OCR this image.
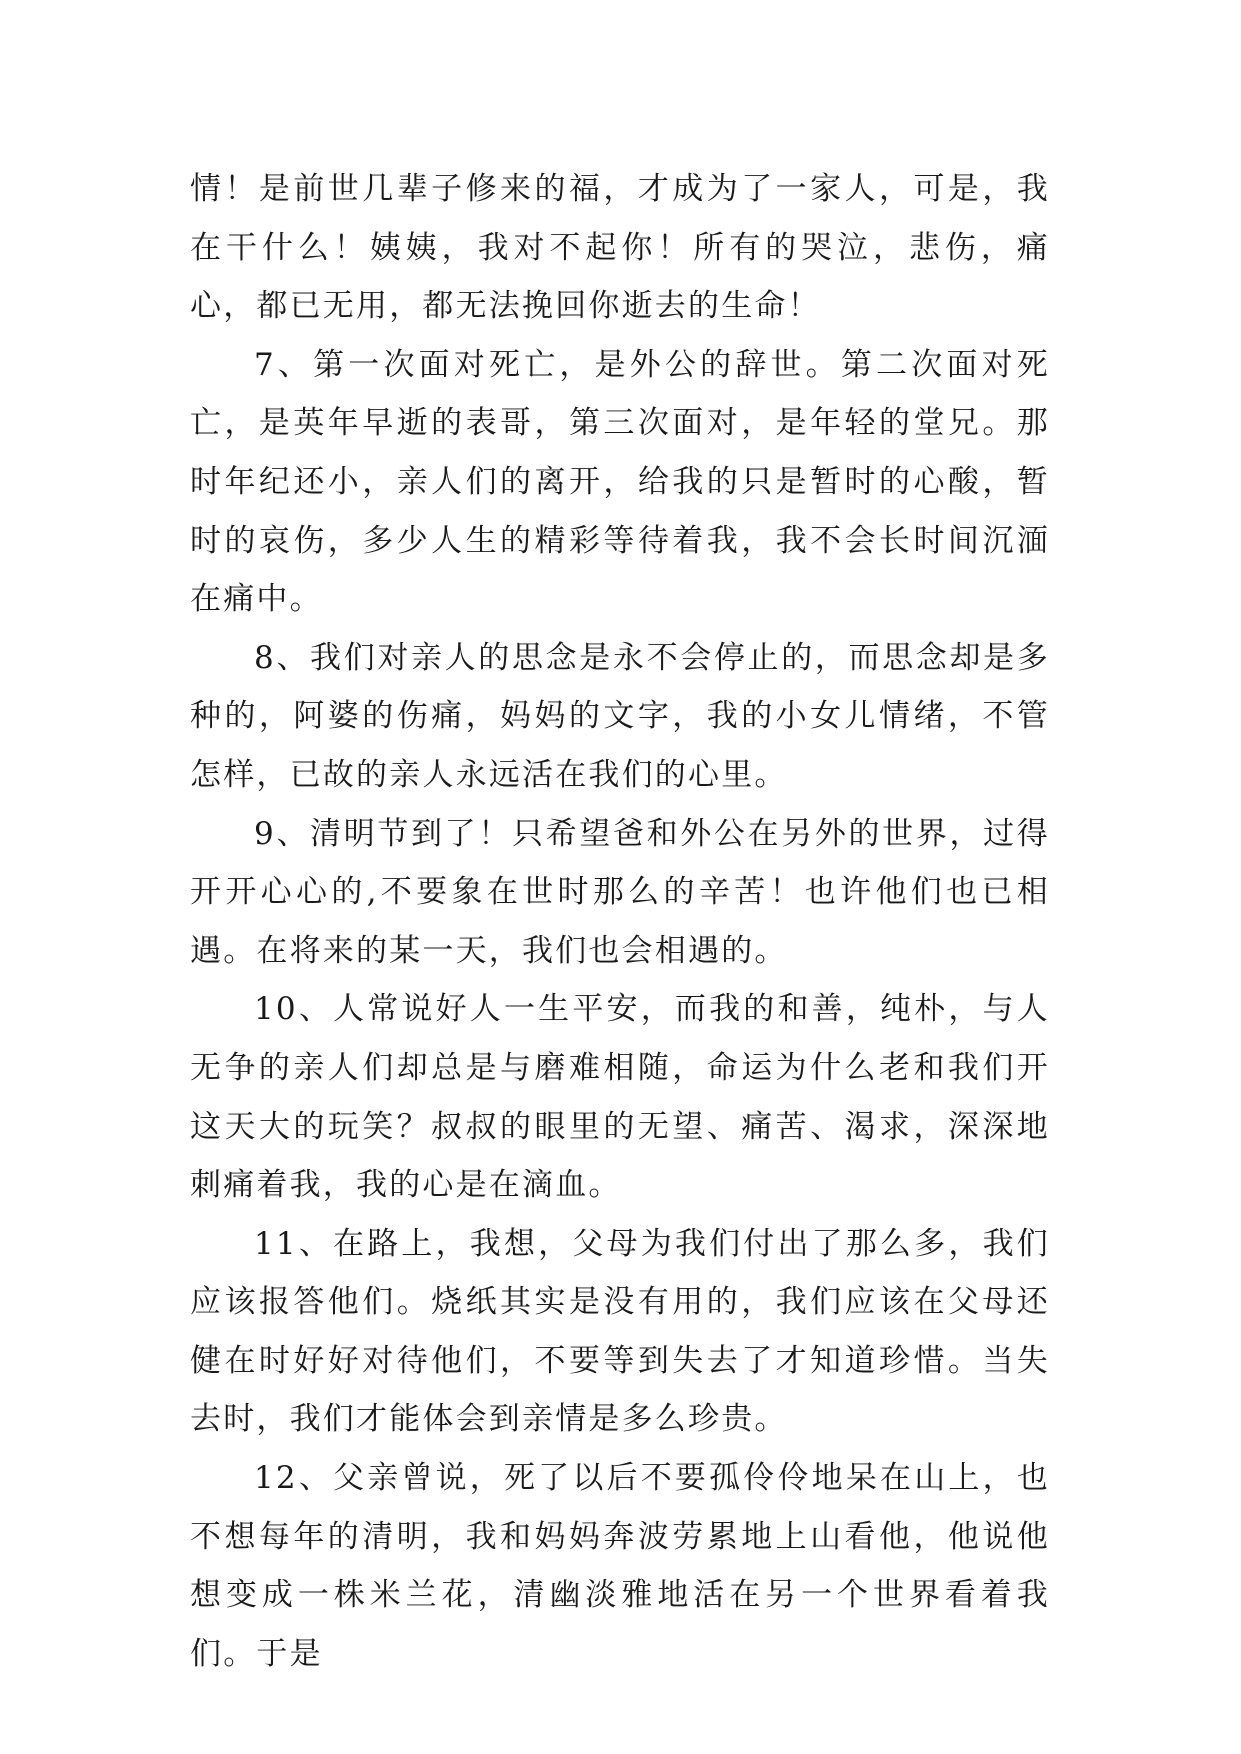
情！是前世几辈子修来的福，才成为了一家人，可是，我在干什么！姨姨，我对不起你！所有的哭泣，悲伤，痛心，都已无用，都无法挽回你逝去的生命！

7、第一次面对死亡，是外公的辞世。第二次面对死亡，是英年早逝的表哥，第三次面对，是年轻的堂兄。那时年纪还小，亲人们的离开，给我的只是暂时的心酸，暂时的哀伤，多少人生的精彩等待着我，我不会长时间沉湎在痛中。

8、我们对亲人的思念是永不会停止的，而思念却是多种的，阿婆的伤痛，妈妈的文字，我的小女儿情绪，不管怎样，已故的亲人永远活在我们的心里。

9、清明节到了！只希望爸和外公在另外的世界，过得开开心心的,不要象在世时那么的辛苦！也许他们也已相遇。在将来的某一天，我们也会相遇的。

10、人常说好人一生平安，而我的和善，纯朴，与人无争的亲人们却总是与磨难相随，命运为什么老和我们开这天大的玩笑？叔叔的眼里的无望、痛苦、渴求，深深地刺痛着我，我的心是在滴血。

11、在路上，我想，父母为我们付出了那么多，我们应该报答他们。烧纸其实是没有用的，我们应该在父母还健在时好好对待他们，不要等到失去了才知道珍惜。当失去时，我们才能体会到亲情是多么珍贵。

12、父亲曾说，死了以后不要孤伶伶地呆在山上，也不想每年的清明，我和妈妈奔波劳累地上山看他，他说他想变成一株米兰花，清幽淡雅地活在另一个世界看着我们。于是
